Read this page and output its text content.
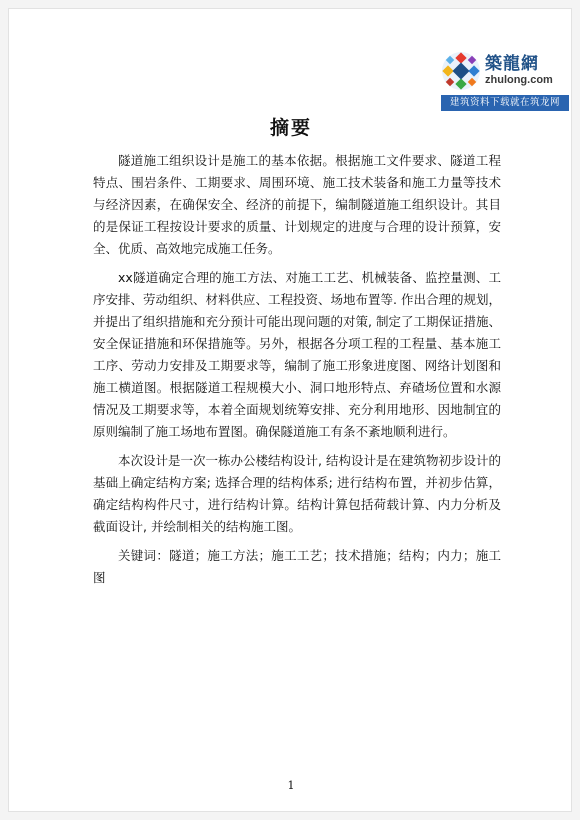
築龍網
zhulong.com
建筑资料下载就在筑龙网
摘要

隧道施工组织设计是施工的基本依据。根据施工文件要求、隧道工程特点、围岩条件、工期要求、周围环境、施工技术装备和施工力量等技术与经济因素，在确保安全、经济的前提下，编制隧道施工组织设计。其目的是保证工程按设计要求的质量、计划规定的进度与合理的设计预算，安全、优质、高效地完成施工任务。

xx隧道确定合理的施工方法、对施工工艺、机械装备、监控量测、工序安排、劳动组织、材料供应、工程投资、场地布置等. 作出合理的规划，并提出了组织措施和充分预计可能出现问题的对策, 制定了工期保证措施、安全保证措施和环保措施等。另外，根据各分项工程的工程量、基本施工工序、劳动力安排及工期要求等，编制了施工形象进度图、网络计划图和施工横道图。根据隧道工程规模大小、洞口地形特点、弃碴场位置和水源情况及工期要求等，本着全面规划统筹安排、充分利用地形、因地制宜的原则编制了施工场地布置图。确保隧道施工有条不紊地顺利进行。

本次设计是一次一栋办公楼结构设计, 结构设计是在建筑物初步设计的基础上确定结构方案; 选择合理的结构体系; 进行结构布置，并初步估算，确定结构构件尺寸，进行结构计算。结构计算包括荷载计算、内力分析及截面设计, 并绘制相关的结构施工图。

关键词：隧道；施工方法；施工工艺；技术措施；结构；内力；施工图

1
